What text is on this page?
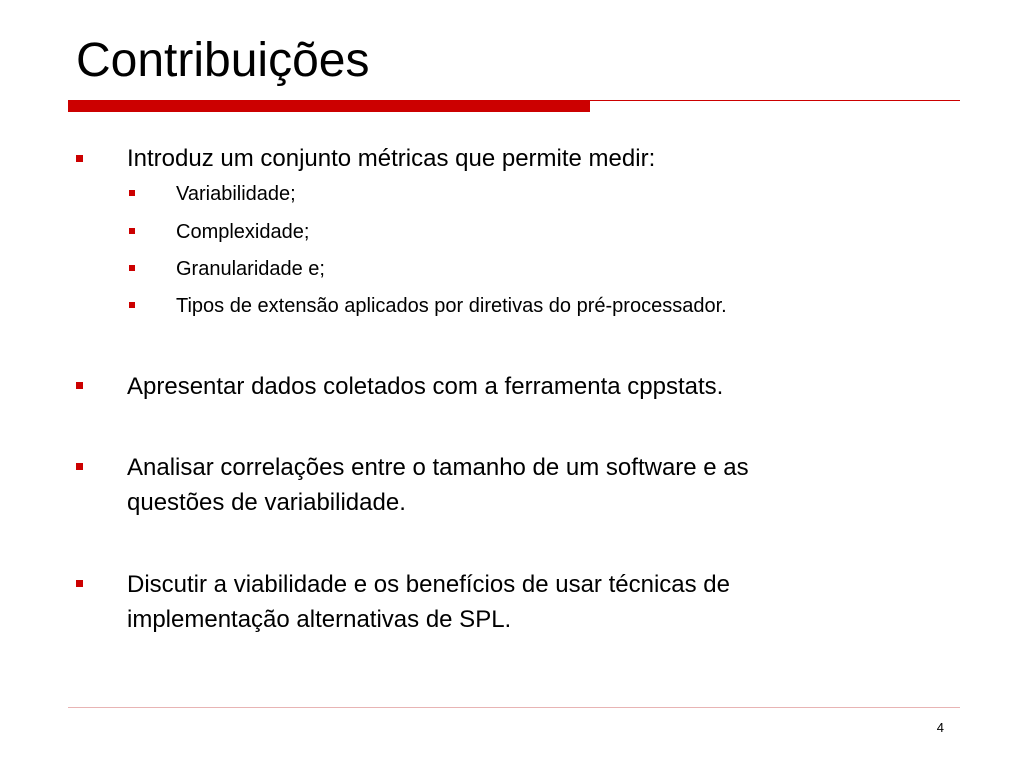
Contribuições
Introduz um conjunto métricas que permite medir:
Variabilidade;
Complexidade;
Granularidade e;
Tipos de extensão aplicados por diretivas do pré-processador.
Apresentar dados coletados com a ferramenta cppstats.
Analisar correlações entre o tamanho de um software e as
questões de variabilidade.
Discutir a viabilidade e os benefícios de usar técnicas de
implementação alternativas de SPL.
4
